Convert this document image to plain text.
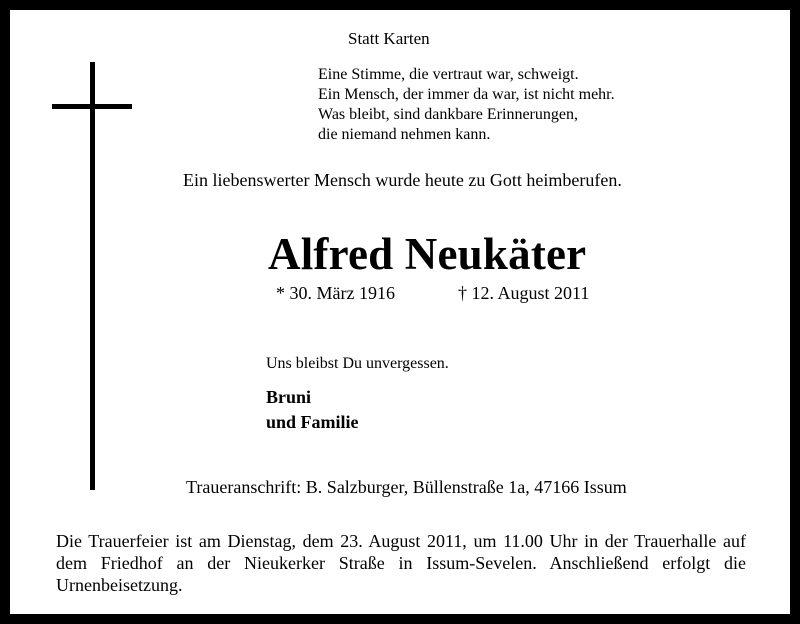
Statt Karten
Eine Stimme, die vertraut war, schweigt.
Ein Mensch, der immer da war, ist nicht mehr.
Was bleibt, sind dankbare Erinnerungen,
die niemand nehmen kann.
Ein liebenswerter Mensch wurde heute zu Gott heimberufen.
Alfred Neukäter
* 30. März 1916	† 12. August 2011
Uns bleibst Du unvergessen.
Bruni
und Familie
Traueranschrift: B. Salzburger, Büllenstraße 1a, 47166 Issum
Die Trauerfeier ist am Dienstag, dem 23. August 2011, um 11.00 Uhr in der Trauerhalle auf dem Friedhof an der Nieukerker Straße in Issum-Sevelen. Anschließend erfolgt die Urnenbeisetzung.
